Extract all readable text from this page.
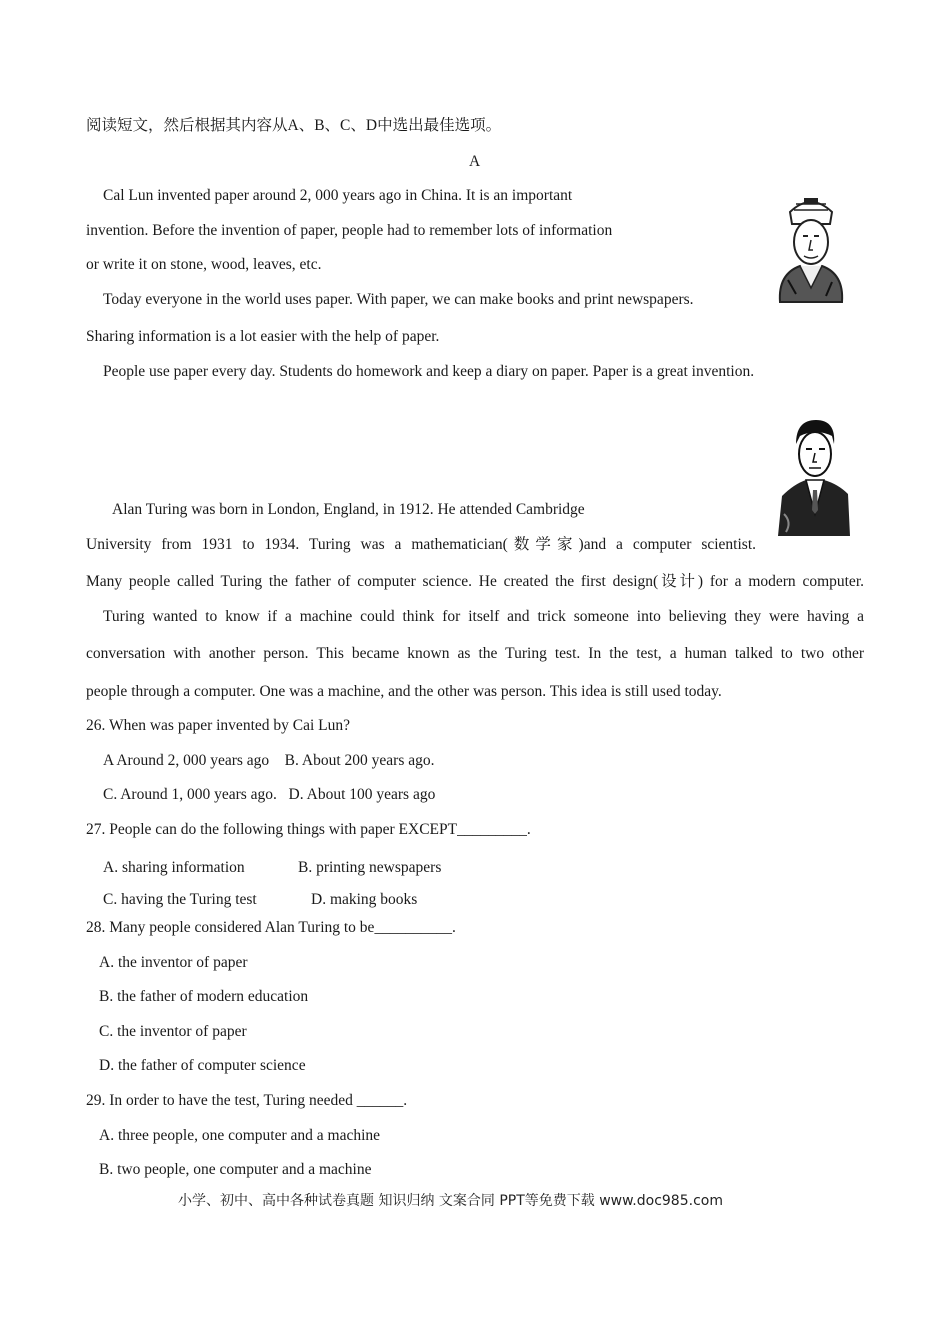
阅读短文，然后根据其内容从A、B、C、D中选出最佳选项。
A
Cal Lun invented paper around 2, 000 years ago in China. It is an important
invention. Before the invention of paper, people had to remember lots of information
or write it on stone, wood, leaves, etc.
Today everyone in the world uses paper. With paper, we can make books and print newspapers.
Sharing information is a lot easier with the help of paper.
People use paper every day. Students do homework and keep a diary on paper. Paper is a great invention.
Alan Turing was born in London, England, in 1912. He attended Cambridge
University from 1931 to 1934. Turing was a mathematician(数学家)and a computer scientist.
Many people called Turing the father of computer science. He created the first design(设计) for a modern computer.
Turing wanted to know if a machine could think for itself and trick someone into believing they were having a
conversation with another person. This became known as the Turing test. In the test, a human talked to two other
people through a computer. One was a machine, and the other was person. This idea is still used today.
26. When was paper invented by Cai Lun?
A Around 2, 000 years ago    B. About 200 years ago.
C. Around 1, 000 years ago.   D. About 100 years ago
27. People can do the following things with paper EXCEPT_________.
A. sharing information	B. printing newspapers
C. having the Turing test	D. making books
28. Many people considered Alan Turing to be__________.
A. the inventor of paper
B. the father of modern education
C. the inventor of paper
D. the father of computer science
29. In order to have the test, Turing needed ______.
A. three people, one computer and a machine
B. two people, one computer and a machine
小学、初中、高中各种试卷真题 知识归纳 文案合同 PPT等免费下载 www.doc985.com
